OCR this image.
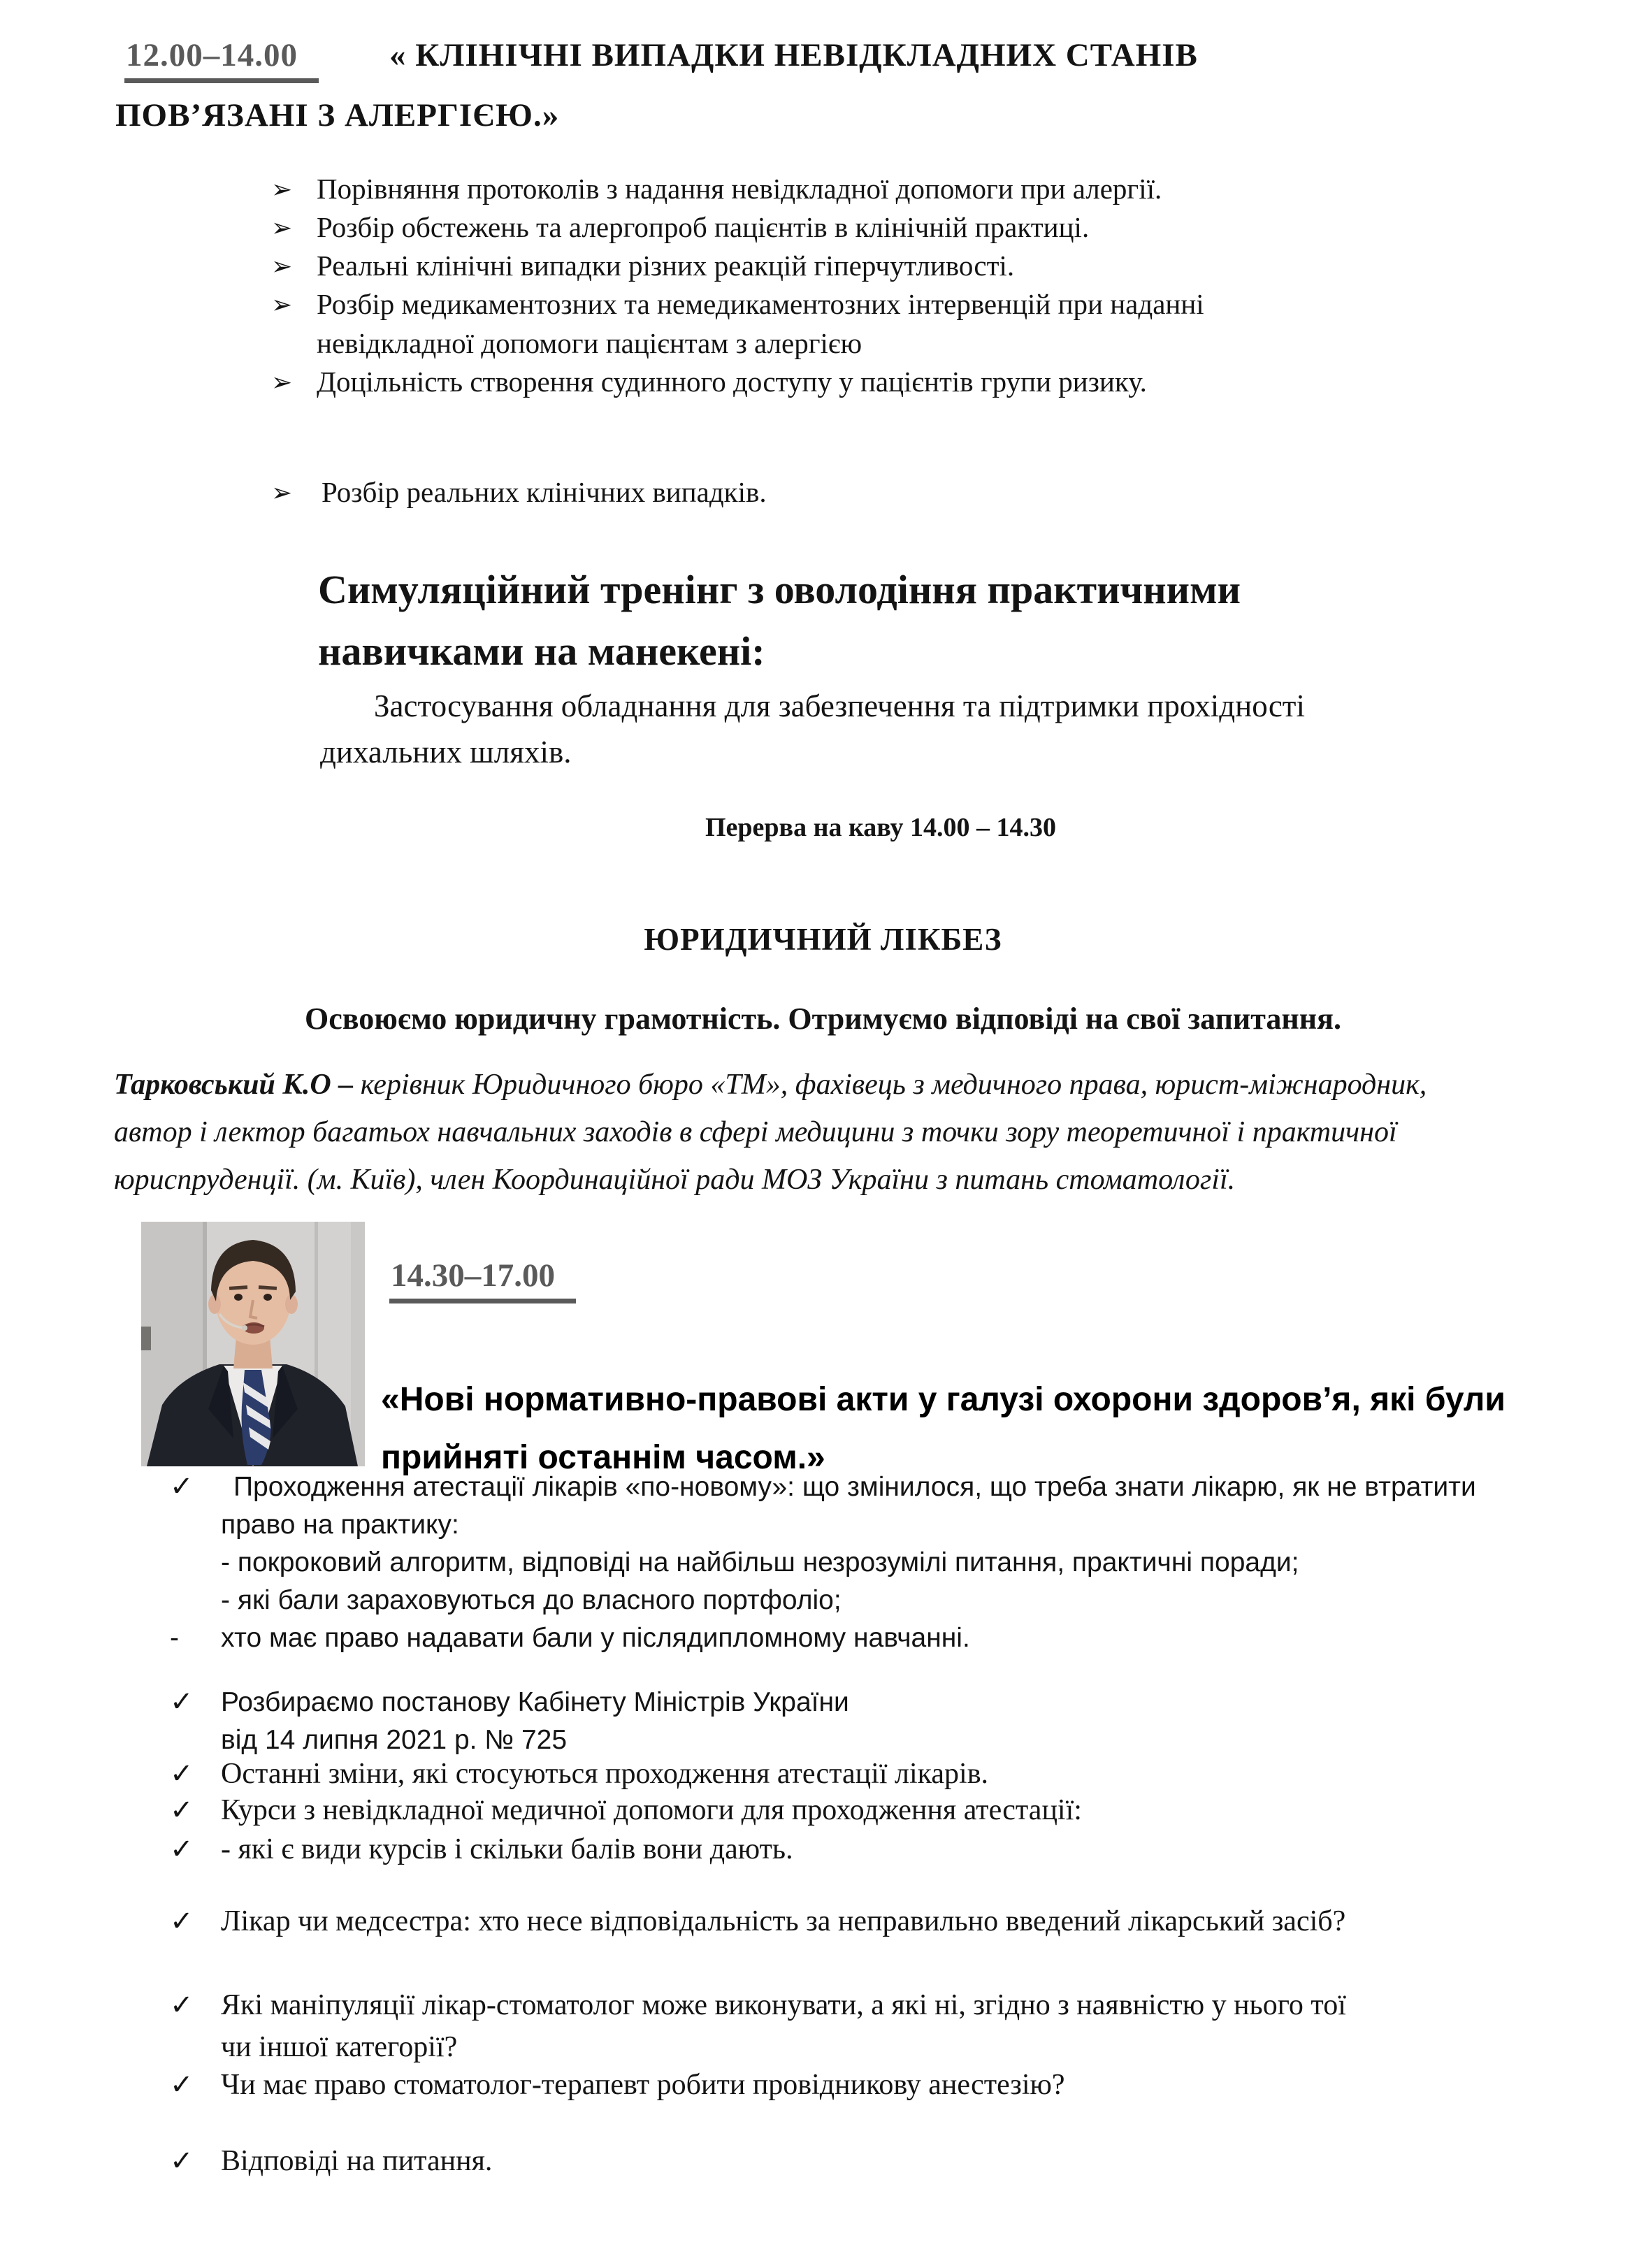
12.00–14.00	« КЛІНІЧНІ ВИПАДКИ НЕВІДКЛАДНИХ СТАНІВ
ПОВ’ЯЗАНІ З АЛЕРГІЄЮ.»
➢ Порівняння протоколів з надання невідкладної допомоги при алергії.
➢ Розбір обстежень та алергопроб пацієнтів в клінічній практиці.
➢ Реальні клінічні випадки різних реакцій гіперчутливості.
➢ Розбір медикаментозних та немедикаментозних інтервенцій при наданні
невідкладної допомоги пацієнтам з алергією
➢ Доцільність створення судинного доступу у пацієнтів групи ризику.
➢ Розбір реальних клінічних випадків.
Симуляційний тренінг з оволодіння практичними
навичками на манекені:
Застосування обладнання для забезпечення та підтримки прохідності
дихальних шляхів.
Перерва на каву 14.00 – 14.30
ЮРИДИЧНИЙ ЛІКБЕЗ
Освоюємо юридичну грамотність. Отримуємо відповіді на свої запитання.
Тарковський К.О – керівник Юридичного бюро «ТМ», фахівець з медичного права, юрист-міжнародник,
автор і лектор багатьох навчальних заходів в сфері медицини з точки зору теоретичної і практичної
юриспруденції. (м. Київ), член Координаційної ради МОЗ України з питань стоматології.
14.30–17.00
«Нові нормативно-правові акти у галузі охорони здоров’я, які були
прийняті останнім часом.»
✓ Проходження атестації лікарів «по-новому»: що змінилося, що треба знати лікарю, як не втратити
право на практику:
- покроковий алгоритм, відповіді на найбільш незрозумілі питання, практичні поради;
- які бали зараховуються до власного портфоліо;
- хто має право надавати бали у післядипломному навчанні.
✓ Розбираємо постанову Кабінету Міністрів України
від 14 липня 2021 р. № 725
✓ Останні зміни, які стосуються проходження атестації лікарів.
✓ Курси з невідкладної медичної допомоги для проходження атестації:
✓ - які є види курсів і скільки балів вони дають.
✓ Лікар чи медсестра: хто несе відповідальність за неправильно введений лікарський засіб?
✓ Які маніпуляції лікар-стоматолог може виконувати, а які ні, згідно з наявністю у нього тої
чи іншої категорії?
✓ Чи має право стоматолог-терапевт робити провідникову анестезію?
✓ Відповіді на питання.
